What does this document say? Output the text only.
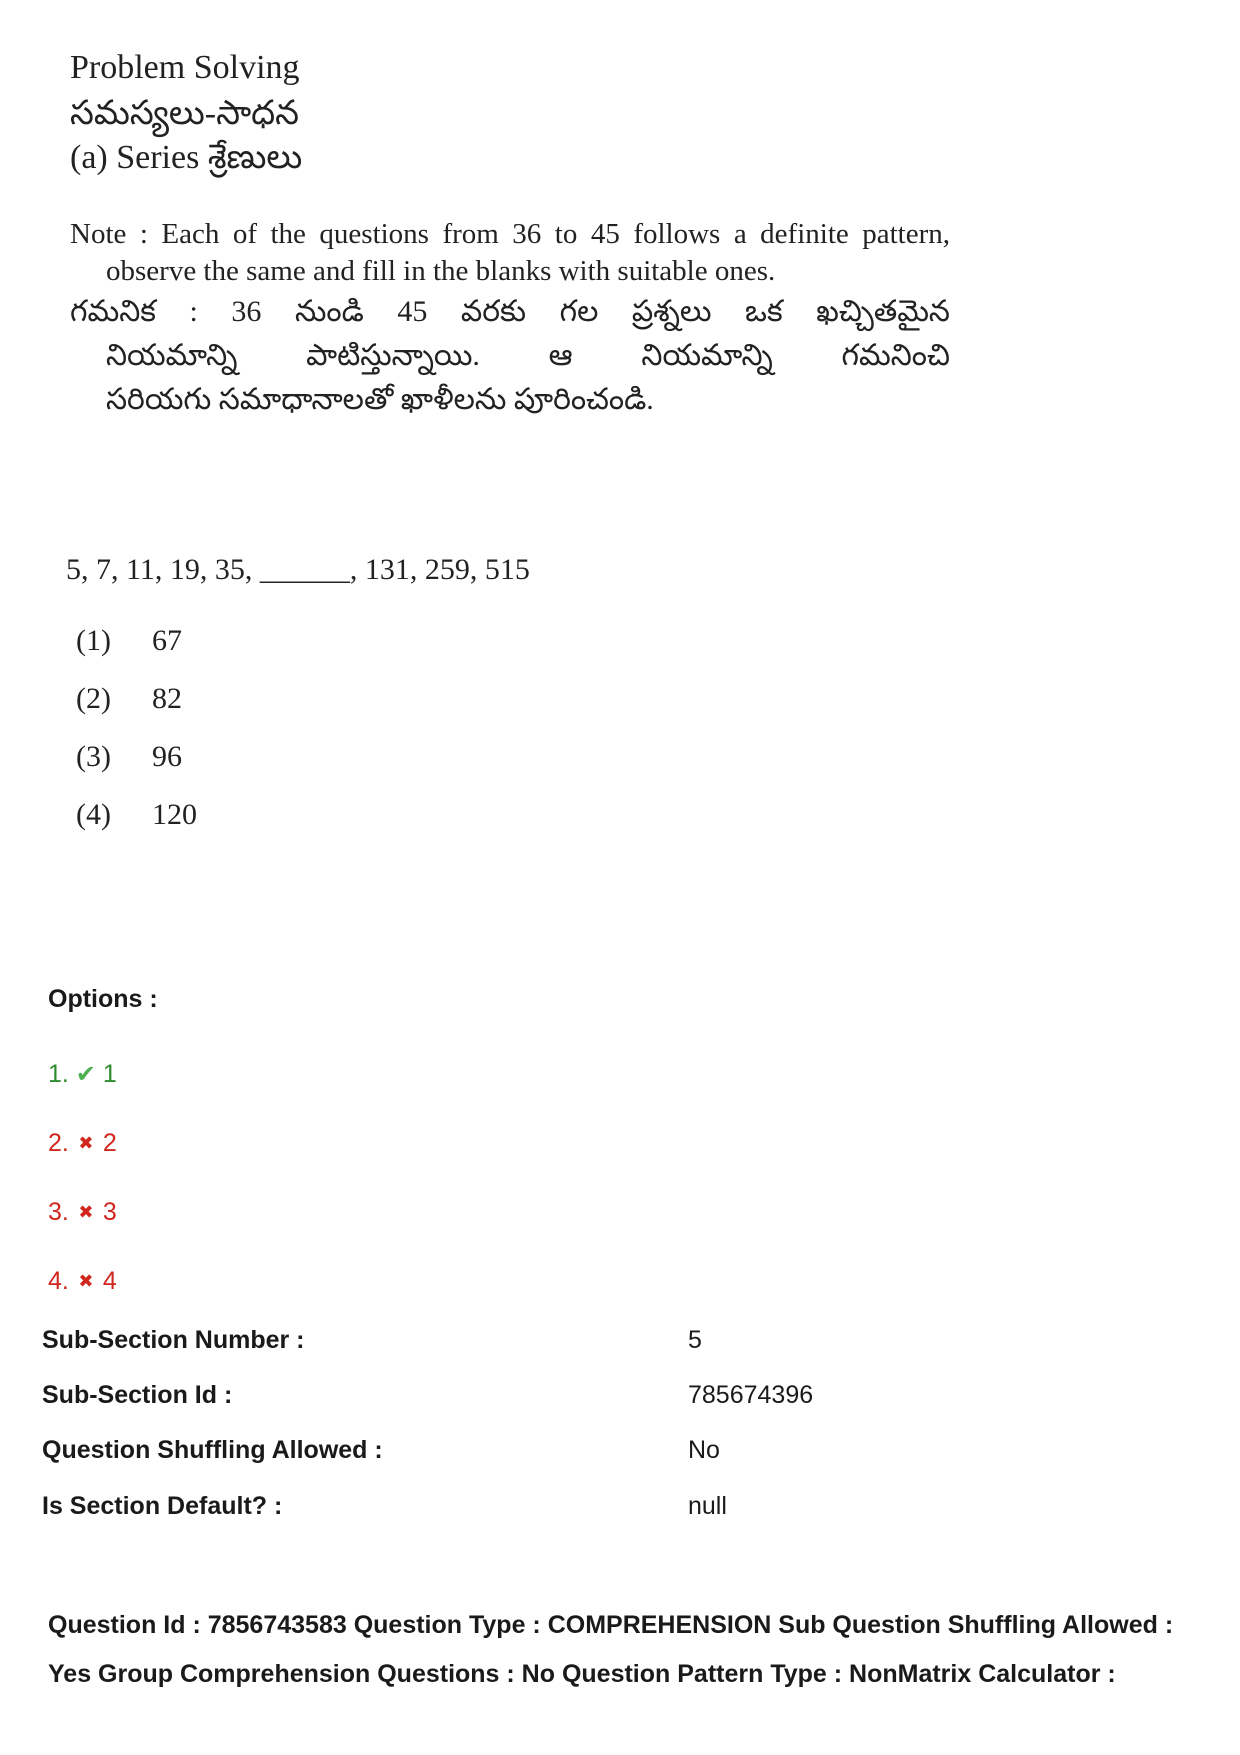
Problem Solving
సమస్యలు-సాధన
(a) Series శ్రేణులు
Note : Each of the questions from 36 to 45 follows a definite pattern,
observe the same and fill in the blanks with suitable ones.
గమనిక : 36 నుండి 45 వరకు గల ప్రశ్నలు ఒక ఖచ్చితమైన
నియమాన్ని పాటిస్తున్నాయి. ఆ నియమాన్ని గమనించి
సరియగు సమాధానాలతో ఖాళీలను పూరించండి.
5, 7, 11, 19, 35, ______, 131, 259, 515
(1)	67
(2)	82
(3)	96
(4)	120
Options :
1. ✔ 1
2. ✖ 2
3. ✖ 3
4. ✖ 4
Sub-Section Number :	5
Sub-Section Id :	785674396
Question Shuffling Allowed :	No
Is Section Default? :	null
Question Id : 7856743583 Question Type : COMPREHENSION Sub Question Shuffling Allowed :
Yes Group Comprehension Questions : No Question Pattern Type : NonMatrix Calculator :
